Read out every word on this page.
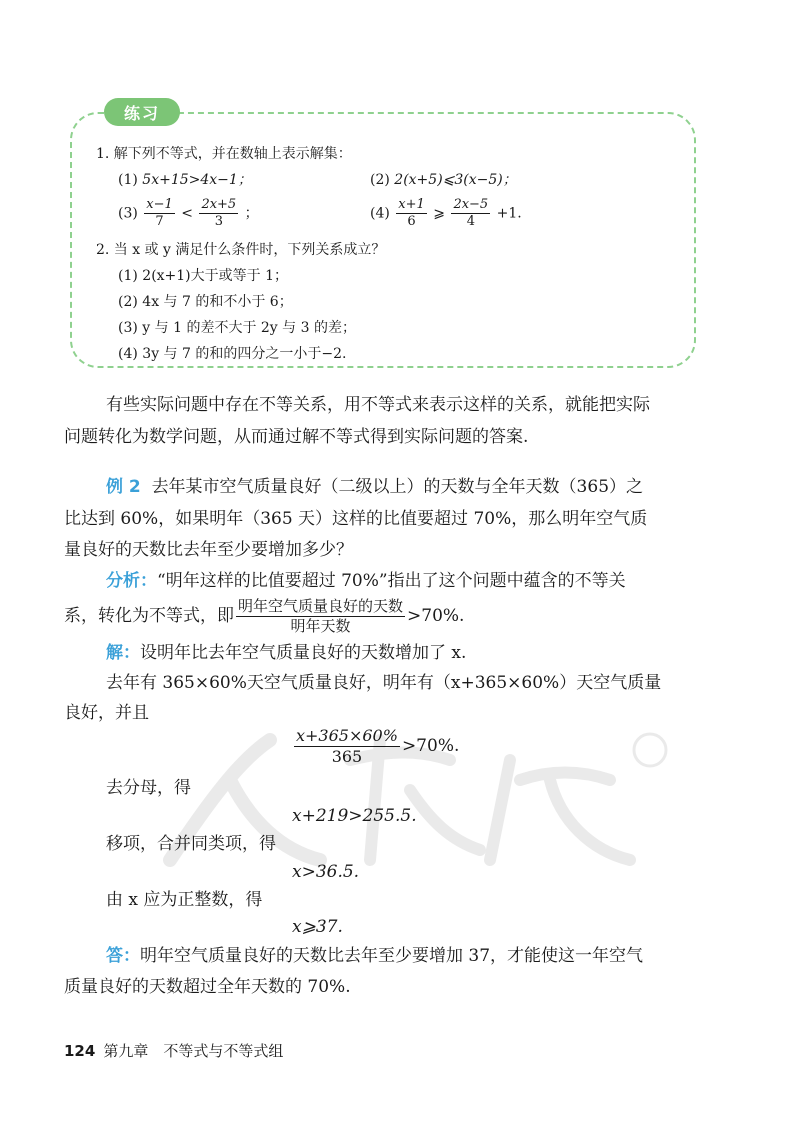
练习
1. 解下列不等式，并在数轴上表示解集：
(1) 5x+15>4x−1；	(2) 2(x+5)⩽3(x−5)；
$(3) \frac{x-1}{7} < \frac{2x+5}{3}$ ；	$(4) \frac{x+1}{6}$ ⩾ $\frac{2x-5}{4} +1$.
2. 当 x 或 y 满足什么条件时，下列关系成立？
(1) 2(x+1)大于或等于 1；
(2) 4x 与 7 的和不小于 6；
(3) y 与 1 的差不大于 2y 与 3 的差；
(4) 3y 与 7 的和的四分之一小于−2.
有些实际问题中存在不等关系，用不等式来表示这样的关系，就能把实际
问题转化为数学问题，从而通过解不等式得到实际问题的答案.
例 2 去年某市空气质量良好（二级以上）的天数与全年天数（365）之
比达到 60%，如果明年（365 天）这样的比值要超过 70%，那么明年空气质
量良好的天数比去年至少要增加多少？
分析：“明年这样的比值要超过 70%”指出了这个问题中蕴含的不等关
系，转化为不等式，即 $\frac{\text{明年空气质量良好的天数}}{\text{明年天数}} >70\%$.
解：设明年比去年空气质量良好的天数增加了 x.
去年有 365×60%天空气质量良好，明年有（x+365×60%）天空气质量
良好，并且
$\frac{x+365\times 60\%}{365} >70\%$.
去分母，得
x+219>255.5.
移项，合并同类项，得
x>36.5.
由 x 应为正整数，得
x⩾37.
答：明年空气质量良好的天数比去年至少要增加 37，才能使这一年空气
质量良好的天数超过全年天数的 70%.
124 第九章　不等式与不等式组
